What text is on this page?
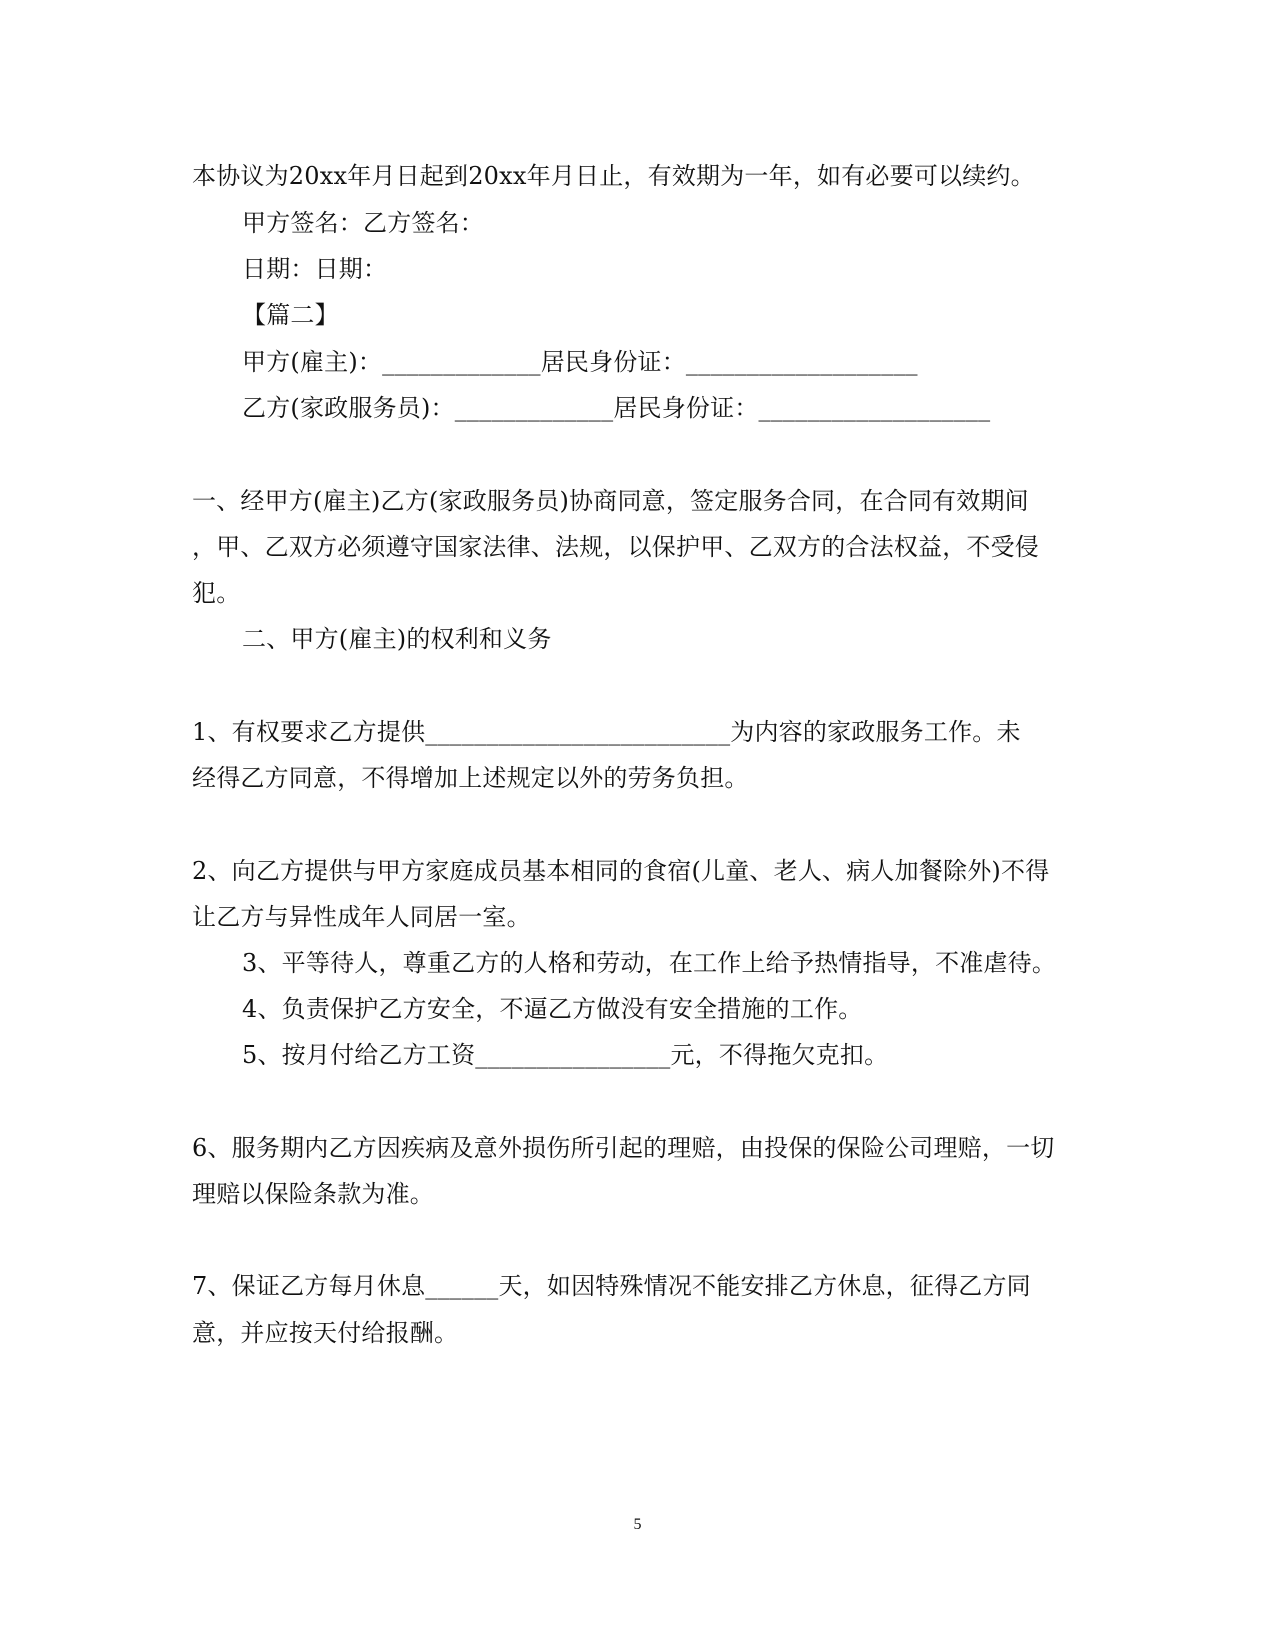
本协议为20xx年月日起到20xx年月日止，有效期为一年，如有必要可以续约。
甲方签名：乙方签名：
日期：日期：
【篇二】
甲方(雇主)：_____________居民身份证：___________________
乙方(家政服务员)：_____________居民身份证：___________________
一、经甲方(雇主)乙方(家政服务员)协商同意，签定服务合同，在合同有效期间
，甲、乙双方必须遵守国家法律、法规，以保护甲、乙双方的合法权益，不受侵
犯。
二、甲方(雇主)的权利和义务
1、有权要求乙方提供_________________________为内容的家政服务工作。未
经得乙方同意，不得增加上述规定以外的劳务负担。
2、向乙方提供与甲方家庭成员基本相同的食宿(儿童、老人、病人加餐除外)不得
让乙方与异性成年人同居一室。
3、平等待人，尊重乙方的人格和劳动，在工作上给予热情指导，不准虐待。
4、负责保护乙方安全，不逼乙方做没有安全措施的工作。
5、按月付给乙方工资________________元，不得拖欠克扣。
6、服务期内乙方因疾病及意外损伤所引起的理赔，由投保的保险公司理赔，一切
理赔以保险条款为准。
7、保证乙方每月休息______天，如因特殊情况不能安排乙方休息，征得乙方同
意，并应按天付给报酬。
5
